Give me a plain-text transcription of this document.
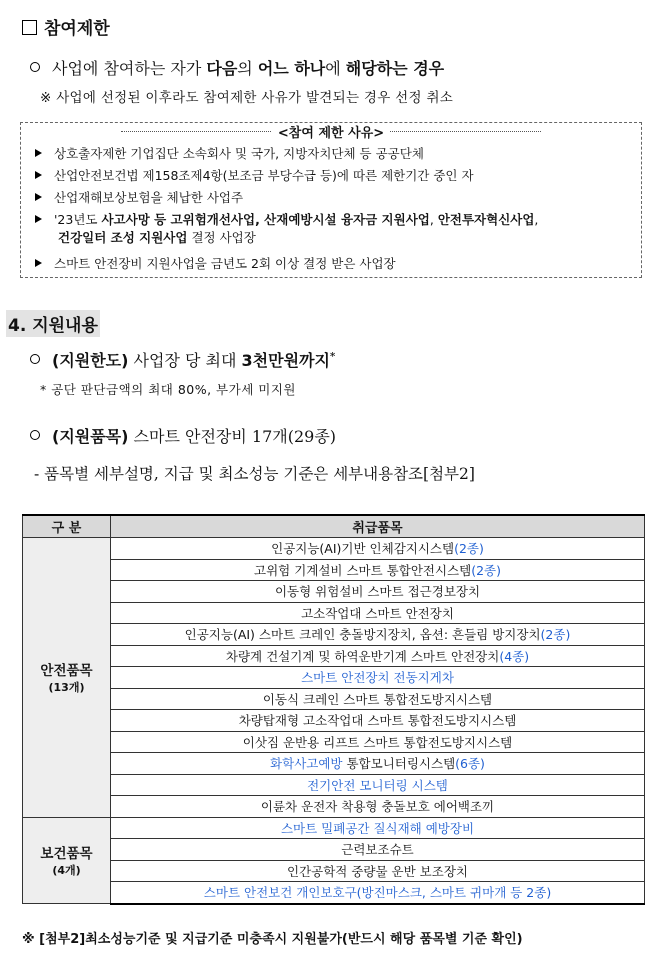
참여제한
사업에 참여하는 자가 다음의 어느 하나에 해당하는 경우
※ 사업에 선정된 이후라도 참여제한 사유가 발견되는 경우 선정 취소
<참여 제한 사유>
상호출자제한 기업집단 소속회사 및 국가, 지방자치단체 등 공공단체
산업안전보건법 제158조제4항(보조금 부당수급 등)에 따른 제한기간 중인 자
산업재해보상보험을 체납한 사업주
'23년도 사고사망 등 고위험개선사업, 산재예방시설 융자금 지원사업, 안전투자혁신사업,
건강일터 조성 지원사업 결정 사업장
스마트 안전장비 지원사업을 금년도 2회 이상 결정 받은 사업장
4. 지원내용
(지원한도) 사업장 당 최대 3천만원까지*
* 공단 판단금액의 최대 80%, 부가세 미지원
(지원품목) 스마트 안전장비 17개(29종)
- 품목별 세부설명, 지급 및 최소성능 기준은 세부내용참조[첨부2]
구 분	취급품목
안전품목
(13개)	인공지능(AI)기반 인체감지시스템(2종)
	고위험 기계설비 스마트 통합안전시스템(2종)
	이동형 위험설비 스마트 접근경보장치
	고소작업대 스마트 안전장치
	인공지능(AI) 스마트 크레인 충돌방지장치, 옵션: 흔들림 방지장치(2종)
	차량계 건설기계 및 하역운반기계 스마트 안전장치(4종)
	스마트 안전장치 전동지게차
	이동식 크레인 스마트 통합전도방지시스템
	차량탑재형 고소작업대 스마트 통합전도방지시스템
	이삿짐 운반용 리프트 스마트 통합전도방지시스템
	화학사고예방 통합모니터링시스템(6종)
	전기안전 모니터링 시스템
	이륜차 운전자 착용형 충돌보호 에어백조끼
보건품목
(4개)	스마트 밀폐공간 질식재해 예방장비
	근력보조슈트
	인간공학적 중량물 운반 보조장치
	스마트 안전보건 개인보호구(방진마스크, 스마트 귀마개 등 2종)
※ [첨부2]최소성능기준 및 지급기준 미충족시 지원불가(반드시 해당 품목별 기준 확인)
